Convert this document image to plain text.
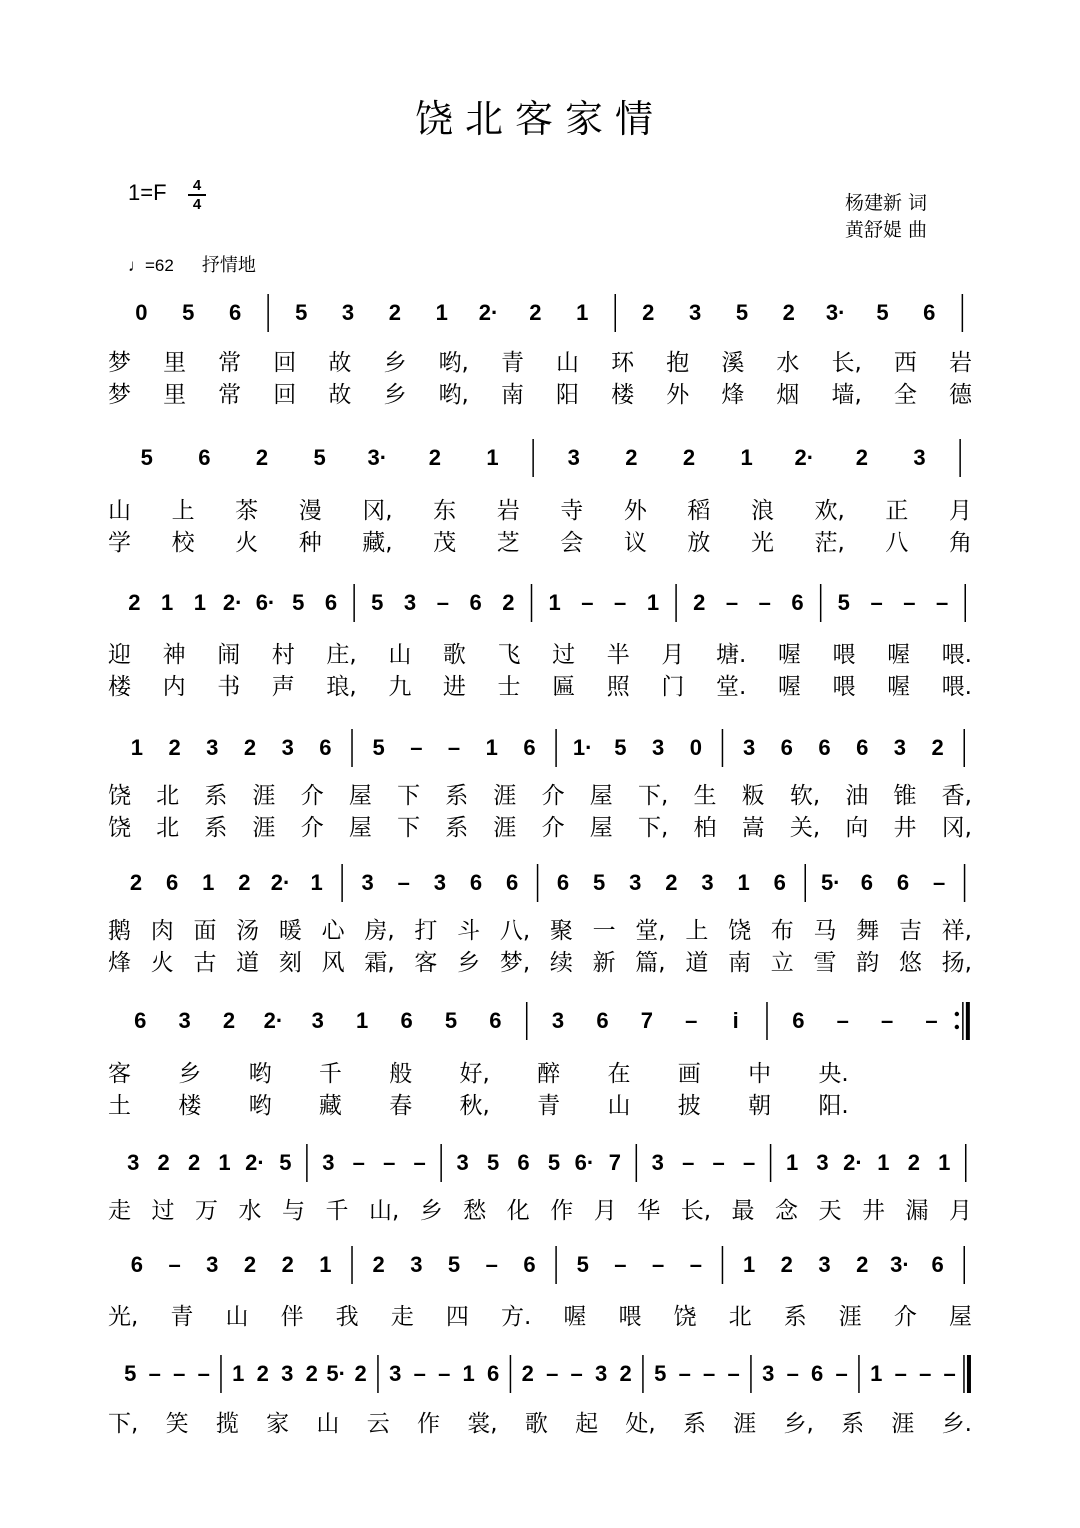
饶北客家情
1=F	4
4	杨建新 词
黄舒媞 曲
♩=62 抒情地
0 5 6 5 3 2 1 2· 2 1 2 3 5 2 3· 5 6
梦 里 常 回 故 乡 哟, 青 山 环 抱 溪 水 长, 西 岩
梦 里 常 回 故 乡 哟, 南 阳 楼 外 烽 烟 墙, 全 德
5 6 2 5 3· 2 1	3 2 2 1 2· 2 3
山 上 茶 漫 冈, 东 岩 寺 外 稻 浪 欢, 正 月
学 校 火 种 藏, 茂 芝 会 议 放 光 茫, 八 角
2 1 1 2· 6· 5 6 5 3 – 6 2 1 – – 1 2 – – 6 5 – – –
迎 神 闹 村 庄, 山 歌 飞 过 半 月 塘. 喔 喂 喔 喂.
楼 内 书 声 琅, 九 进 士 匾 照 门 堂. 喔 喂 喔 喂.
1 2 3 2 3 6 5 – – 1 6 1· 5 3 0 3 6 6 6 3 2
饶 北 系 涯 介 屋 下 系 涯 介 屋 下, 生 粄 软, 油 锥 香,
饶 北 系 涯 介 屋 下 系 涯 介 屋 下, 柏 嵩 关, 向 井 冈,
2 6 1 2 2· 1 3 – 3 6 6 6 5 3 2 3 1 6 5· 6 6 –
鹅 肉 面 汤 暖 心 房, 打 斗 八, 聚 一 堂, 上 饶 布 马 舞 吉 祥,
烽 火 古 道 刻 风 霜, 客 乡 梦, 续 新 篇, 道 南 立 雪 韵 悠 扬,
6 3 2 2· 3 1 6 5 6 3 6 7 – i 6 – – –
客 乡 哟 千 般 好, 醉 在 画 中 央.
土 楼 哟 藏 春 秋, 青 山 披 朝 阳.
3 2 2 1 2· 5 3 – – – 3 5 6 5 6· 7 3 – – – 1 3 2· 1 2 1
走 过 万 水 与 千 山, 乡 愁 化 作 月 华 长, 最 念 天 井 漏 月
6 – 3 2 2 1 2 3 5 – 6 5 – – – 1 2 3 2 3· 6
光, 青 山 伴 我 走 四 方. 喔 喂 饶 北 系 涯 介 屋
5 – – – 1 2 3 2 5· 2 3 – – 1 6 2 – – 3 2 5 – – – 3 – 6 – 1 – – –
下, 笑 揽 家 山 云 作 裳, 歌 起 处, 系 涯 乡, 系 涯 乡.
